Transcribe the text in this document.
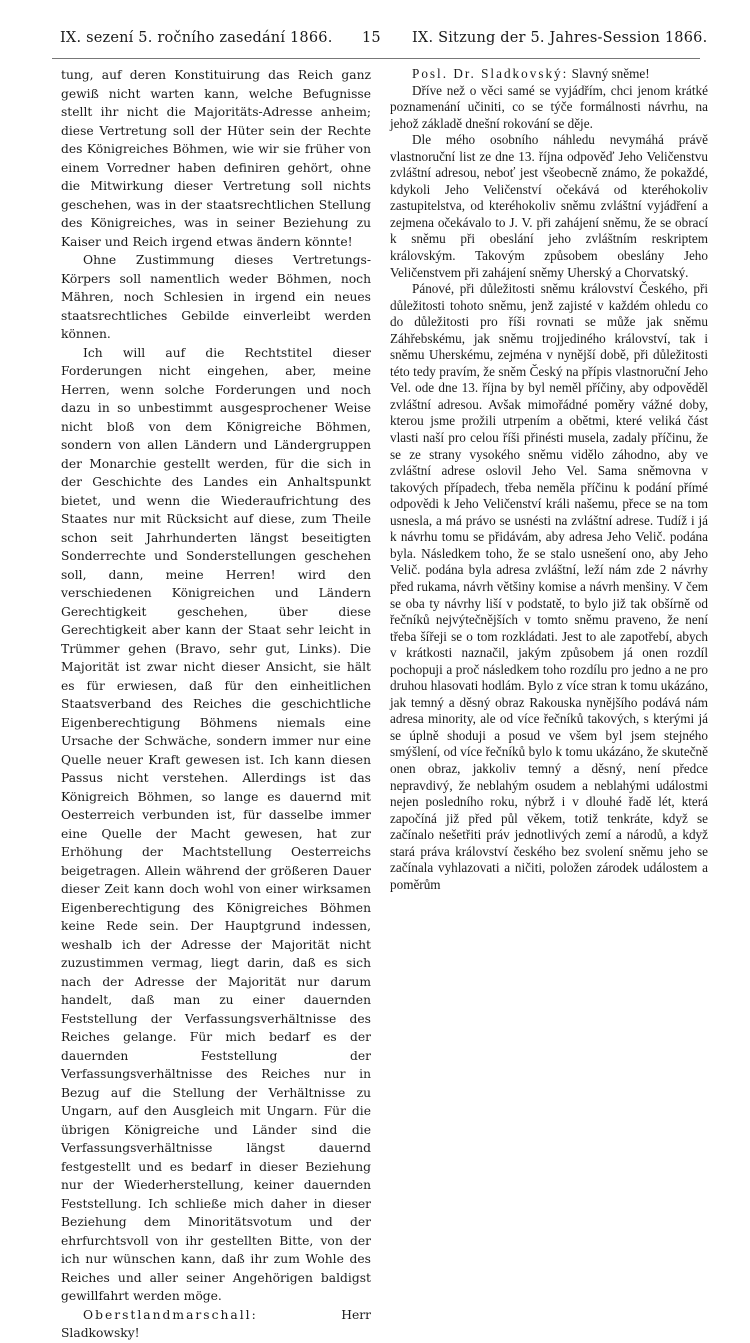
IX. sezení 5. ročního zasedání 1866. 15 IX. Sitzung der 5. Jahres-Session 1866.

tung, auf deren Konstituirung das Reich ganz gewiß nicht warten kann, welche Befugnisse stellt ihr nicht die Majoritäts-Adresse anheim; diese Vertretung soll der Hüter sein der Rechte des Königreiches Böhmen, wie wir sie früher von einem Vorredner haben definiren gehört, ohne die Mitwirkung dieser Vertretung soll nichts geschehen, was in der staatsrechtlichen Stellung des Königreiches, was in seiner Beziehung zu Kaiser und Reich irgend etwas ändern könnte!

Ohne Zustimmung dieses Vertretungs-Körpers soll namentlich weder Böhmen, noch Mähren, noch Schlesien in irgend ein neues staatsrechtliches Gebilde einverleibt werden können.

Ich will auf die Rechtstitel dieser Forderungen nicht eingehen, aber, meine Herren, wenn solche Forderungen und noch dazu in so unbestimmt ausgesprochener Weise nicht bloß von dem Königreiche Böhmen, sondern von allen Ländern und Ländergruppen der Monarchie gestellt werden, für die sich in der Geschichte des Landes ein Anhaltspunkt bietet, und wenn die Wiederaufrichtung des Staates nur mit Rücksicht auf diese, zum Theile schon seit Jahrhunderten längst beseitigten Sonderrechte und Sonderstellungen geschehen soll, dann, meine Herren! wird den verschiedenen Königreichen und Ländern Gerechtigkeit geschehen, über diese Gerechtigkeit aber kann der Staat sehr leicht in Trümmer gehen (Bravo, sehr gut, Links). Die Majorität ist zwar nicht dieser Ansicht, sie hält es für erwiesen, daß für den einheitlichen Staatsverband des Reiches die geschichtliche Eigenberechtigung Böhmens niemals eine Ursache der Schwäche, sondern immer nur eine Quelle neuer Kraft gewesen ist. Ich kann diesen Passus nicht verstehen. Allerdings ist das Königreich Böhmen, so lange es dauernd mit Oesterreich verbunden ist, für dasselbe immer eine Quelle der Macht gewesen, hat zur Erhöhung der Machtstellung Oesterreichs beigetragen. Allein während der größeren Dauer dieser Zeit kann doch wohl von einer wirksamen Eigenberechtigung des Königreiches Böhmen keine Rede sein. Der Hauptgrund indessen, weshalb ich der Adresse der Majorität nicht zuzustimmen vermag, liegt darin, daß es sich nach der Adresse der Majorität nur darum handelt, daß man zu einer dauernden Feststellung der Verfassungsverhältnisse des Reiches gelange. Für mich bedarf es der dauernden Feststellung der Verfassungsverhältnisse des Reiches nur in Bezug auf die Stellung der Verhältnisse zu Ungarn, auf den Ausgleich mit Ungarn. Für die übrigen Königreiche und Länder sind die Verfassungsverhältnisse längst dauernd festgestellt und es bedarf in dieser Beziehung nur der Wiederherstellung, keiner dauernden Feststellung. Ich schließe mich daher in dieser Beziehung dem Minoritätsvotum und der ehrfurchtsvoll von ihr gestellten Bitte, von der ich nur wünschen kann, daß ihr zum Wohle des Reiches und aller seiner Angehörigen baldigst gewillfahrt werden möge.

Oberstlandmarschall:	Herr Sladkowsky!

Posl. Dr. Sladkovský: Slavný sněme!

Dříve než o věci samé se vyjádřím, chci jenom krátké poznamenání učiniti, co se týče formálnosti návrhu, na jehož základě dnešní rokování se děje.

Dle mého osobního náhledu nevymáhá právě vlastnoruční list ze dne 13. října odpověď Jeho Veličenstvu zvláštní adresou, neboť jest všeobecně známo, že pokaždé, kdykoli Jeho Veličenství očekává od kteréhokoliv zastupitelstva, od kteréhokoliv sněmu zvláštní vyjádření a zejmena očekávalo to J. V. při zahájení sněmu, že se obrací k sněmu při obeslání jeho zvláštním reskriptem královským. Takovým způsobem obeslány Jeho Veličenstvem při zahájení sněmy Uherský a Chorvatský.

Pánové, při důležitosti sněmu království Českého, při důležitosti tohoto sněmu, jenž zajisté v každém ohledu co do důležitosti pro říši rovnati se může jak sněmu Záhřebskému, jak sněmu trojjediného království, tak i sněmu Uherskému, zejména v nynější době, při důležitosti této tedy pravím, že sněm Český na přípis vlastnoruční Jeho Vel. ode dne 13. října by byl neměl příčiny, aby odpověděl zvláštní adresou. Avšak mimořádné poměry vážné doby, kterou jsme prožili utrpením a obětmi, které veliká část vlasti naší pro celou říši přinésti musela, zadaly příčinu, že se ze strany vysokého sněmu vidělo záhodno, aby ve zvláštní adrese oslovil Jeho Vel. Sama sněmovna v takových případech, třeba neměla příčinu k podání přímé odpovědi k Jeho Veličenství králi našemu, přece se na tom usnesla, a má právo se usnésti na zvláštní adrese. Tudíž i já k návrhu tomu se přidávám, aby adresa Jeho Velič. podána byla. Následkem toho, že se stalo usnešení ono, aby Jeho Velič. podána byla adresa zvláštní, leží nám zde 2 návrhy před rukama, návrh většiny komise a návrh menšiny. V čem se oba ty návrhy liší v podstatě, to bylo již tak obšírně od řečníků nejvýtečnějších v tomto sněmu praveno, že není třeba šířeji se o tom rozkládati. Jest to ale zapotřebí, abych v krátkosti naznačil, jakým způsobem já onen rozdíl pochopuji a proč následkem toho rozdílu pro jedno a ne pro druhou hlasovati hodlám. Bylo z více stran k tomu ukázáno, jak temný a děsný obraz Rakouska nynějšího podává nám adresa minority, ale od více řečníků takových, s kterými já se úplně shoduji a posud ve všem byl jsem stejného smýšlení, od více řečníků bylo k tomu ukázáno, že skutečně onen obraz, jakkoliv temný a děsný, není předce nepravdivý, že neblahým osudem a neblahými událostmi nejen posledního roku, nýbrž i v dlouhé řadě lét, která započíná již před půl věkem, totiž tenkráte, když se začínalo nešetřiti práv jednotlivých zemí a národů, a když stará práva království českého bez svolení sněmu jeho se začínala vyhlazovati a ničiti, položen zárodek událostem a poměrům
